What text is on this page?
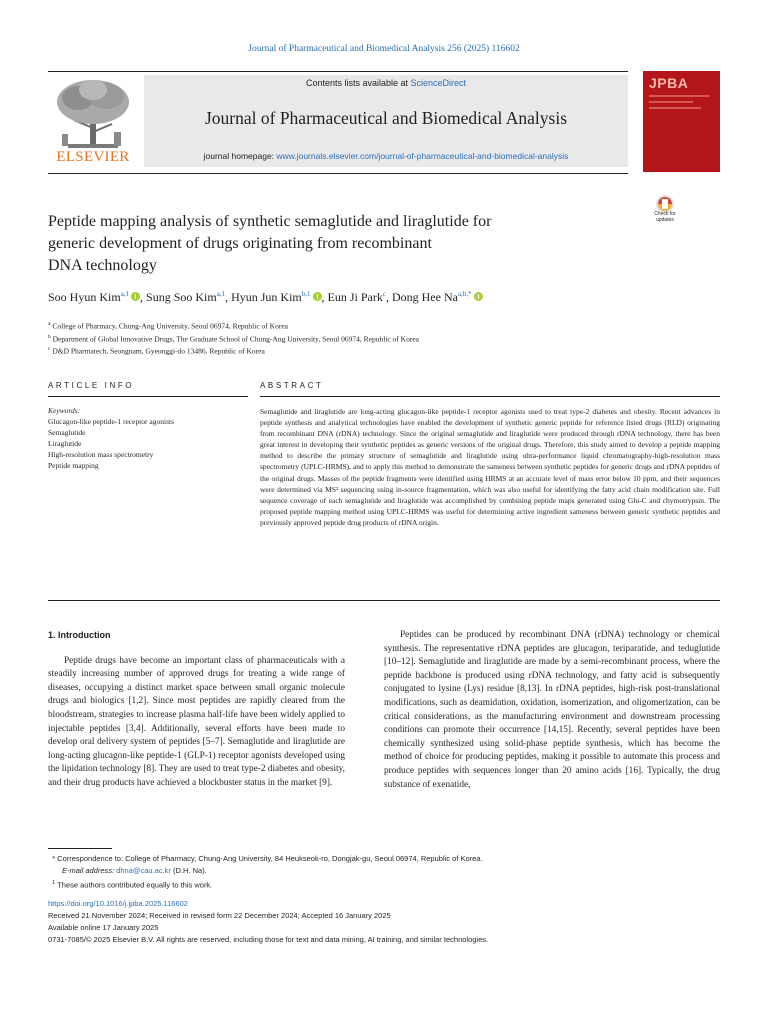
Journal of Pharmaceutical and Biomedical Analysis 256 (2025) 116602
ELSEVIER
Contents lists available at ScienceDirect
Journal of Pharmaceutical and Biomedical Analysis
journal homepage: www.journals.elsevier.com/journal-of-pharmaceutical-and-biomedical-analysis
JPBA
Check for updates
Peptide mapping analysis of synthetic semaglutide and liraglutide for
generic development of drugs originating from recombinant
DNA technology
Soo Hyun Kim$^{a,1}$ , Sung Soo Kim$^{a,1}$, Hyun Jun Kim$^{b,1}$ , Eun Ji Park$^c$, Dong Hee $Na^{a,b,*}$
$^a$ College of Pharmacy, Chung-Ang University, Seoul 06974, Republic of Korea
$^b$ Department of Global Innovative Drugs, The Graduate School of Chung-Ang University, Seoul 06974, Republic of Korea
$^c$ D&D Pharmatech, Seongnam, Gyeonggi-do 13486, Republic of Korea
ARTICLE INFO	ABSTRACT
Keywords:
Glucagon-like peptide-1 receptor agonists
Semaglutide
Liraglutide
High-resolution mass spectrometry
Peptide mapping
Semaglutide and liraglutide are long-acting glucagon-like peptide-1 receptor agonists used to treat type-2 diabetes and obesity. Recent advances in peptide synthesis and analytical technologies have enabled the development of synthetic generic peptide for reference listed drugs (RLD) originating from recombinant DNA (rDNA) technology. Since the original semaglutide and liraglutide were produced through rDNA technology, there has been great interest in developing their synthetic peptides as generic versions of the original drugs. Therefore, this study aimed to develop a peptide mapping method to describe the primary structure of semaglutide and liraglutide using ultra-performance liquid chromatography-high-resolution mass spectrometry (UPLC-HRMS), and to apply this method to demonstrate the sameness between synthetic peptides for generic drugs and rDNA peptides of the original drugs. Masses of the peptide fragments were identified using HRMS at an accurate level of mass error below 10 ppm, and their sequences were determined via MS² sequencing using in-source fragmentation, which was also useful for identifying the fatty acid chain modification site. Full sequence coverage of each semaglutide and liraglutide was accomplished by combining peptide maps generated using Glu-C and chymotrypsin. The proposed peptide mapping method using UPLC-HRMS was useful for determining active ingredient sameness between generic synthetic peptides and previously approved peptide drug products of rDNA origin.
1. Introduction

Peptide drugs have become an important class of pharmaceuticals with a steadily increasing number of approved drugs for treating a wide range of diseases, occupying a distinct market space between small organic molecule drugs and biologics [1,2]. Since most peptides are rapidly cleared from the bloodstream, strategies to increase plasma half-life have been widely applied to injectable peptides [3,4]. Additionally, several efforts have been made to develop oral delivery system of peptides [5–7]. Semaglutide and liraglutide are long-acting glucagon-like peptide-1 (GLP-1) receptor agonists developed using the lipidation technology [8]. They are used to treat type-2 diabetes and obesity, and their drug products have achieved a blockbuster status in the market [9].

Peptides can be produced by recombinant DNA (rDNA) technology or chemical synthesis. The representative rDNA peptides are glucagon, teriparatide, and teduglutide [10–12]. Semaglutide and liraglutide are made by a semi-recombinant process, where the peptide backbone is produced using rDNA technology, and fatty acid is subsequently conjugated to lysine (Lys) residue [8,13]. In rDNA peptides, high-risk post-translational modifications, such as deamidation, oxidation, isomerization, and oligomerization, can be critical considerations, as the manufacturing environment and downstream processing conditions can promote their occurrence [14,15]. Recently, several peptides have been chemically synthesized using solid-phase peptide synthesis, which has become the method of choice for producing peptides, making it possible to automate this process and produce peptides with sequences longer than 20 amino acids [16]. Typically, the drug substance of exenatide,

* Correspondence to: College of Pharmacy, Chung-Ang University, 84 Heukseok-ro, Dongjak-gu, Seoul 06974, Republic of Korea.
E-mail address: dhna@cau.ac.kr (D.H. Na).
$^1$ These authors contributed equally to this work.
https://doi.org/10.1016/j.jpba.2025.116602
Received 21 November 2024; Received in revised form 22 December 2024; Accepted 16 January 2025
Available online 17 January 2025
0731-7085/© 2025 Elsevier B.V. All rights are reserved, including those for text and data mining, AI training, and similar technologies.
